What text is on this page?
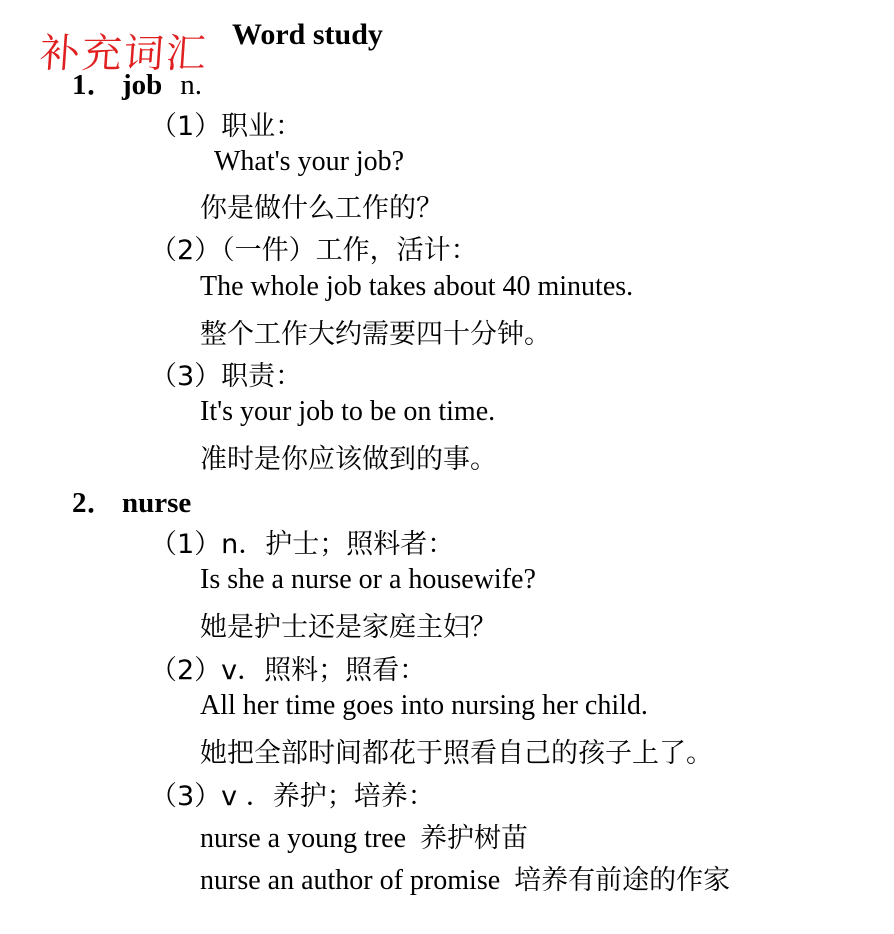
补充词汇 Word study
1． job n.
（1）职业：
What's your job?
你是做什么工作的？
（2）（一件）工作，活计：
The whole job takes about 40 minutes.
整个工作大约需要四十分钟。
（3）职责：
It's your job to be on time.
准时是你应该做到的事。
2． nurse
（1）n．护士；照料者：
Is she a nurse or a housewife?
她是护士还是家庭主妇？
（2）v．照料；照看：
All her time goes into nursing her child.
她把全部时间都花于照看自己的孩子上了。
（3）v ．养护；培养：
nurse a young tree 养护树苗
nurse an author of promise 培养有前途的作家
